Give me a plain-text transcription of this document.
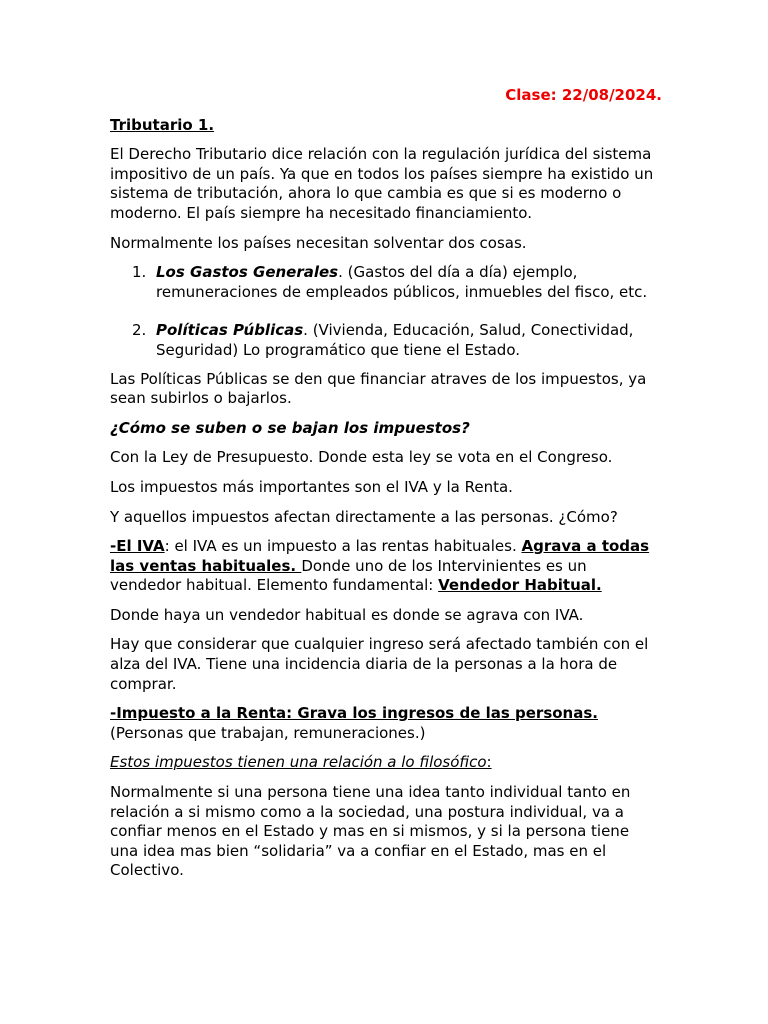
Clase: 22/08/2024.

Tributario 1.

El Derecho Tributario dice relación con la regulación jurídica del sistema impositivo de un país. Ya que en todos los países siempre ha existido un sistema de tributación, ahora lo que cambia es que si es moderno o moderno. El país siempre ha necesitado financiamiento.

Normalmente los países necesitan solventar dos cosas.

1. Los Gastos Generales. (Gastos del día a día) ejemplo, remuneraciones de empleados públicos, inmuebles del fisco, etc.
2. Políticas Públicas. (Vivienda, Educación, Salud, Conectividad, Seguridad) Lo programático que tiene el Estado.

Las Políticas Públicas se den que financiar atraves de los impuestos, ya sean subirlos o bajarlos.

¿Cómo se suben o se bajan los impuestos?

Con la Ley de Presupuesto. Donde esta ley se vota en el Congreso.

Los impuestos más importantes son el IVA y la Renta.

Y aquellos impuestos afectan directamente a las personas. ¿Cómo?

-El IVA: el IVA es un impuesto a las rentas habituales. Agrava a todas las ventas habituales. Donde uno de los Intervinientes es un vendedor habitual. Elemento fundamental: Vendedor Habitual.

Donde haya un vendedor habitual es donde se agrava con IVA.

Hay que considerar que cualquier ingreso será afectado también con el alza del IVA. Tiene una incidencia diaria de la personas a la hora de comprar.

-Impuesto a la Renta: Grava los ingresos de las personas.
(Personas que trabajan, remuneraciones.)

Estos impuestos tienen una relación a lo filosófico:

Normalmente si una persona tiene una idea tanto individual tanto en relación a si mismo como a la sociedad, una postura individual, va a confiar menos en el Estado y mas en si mismos, y si la persona tiene una idea mas bien “solidaria” va a confiar en el Estado, mas en el Colectivo.
